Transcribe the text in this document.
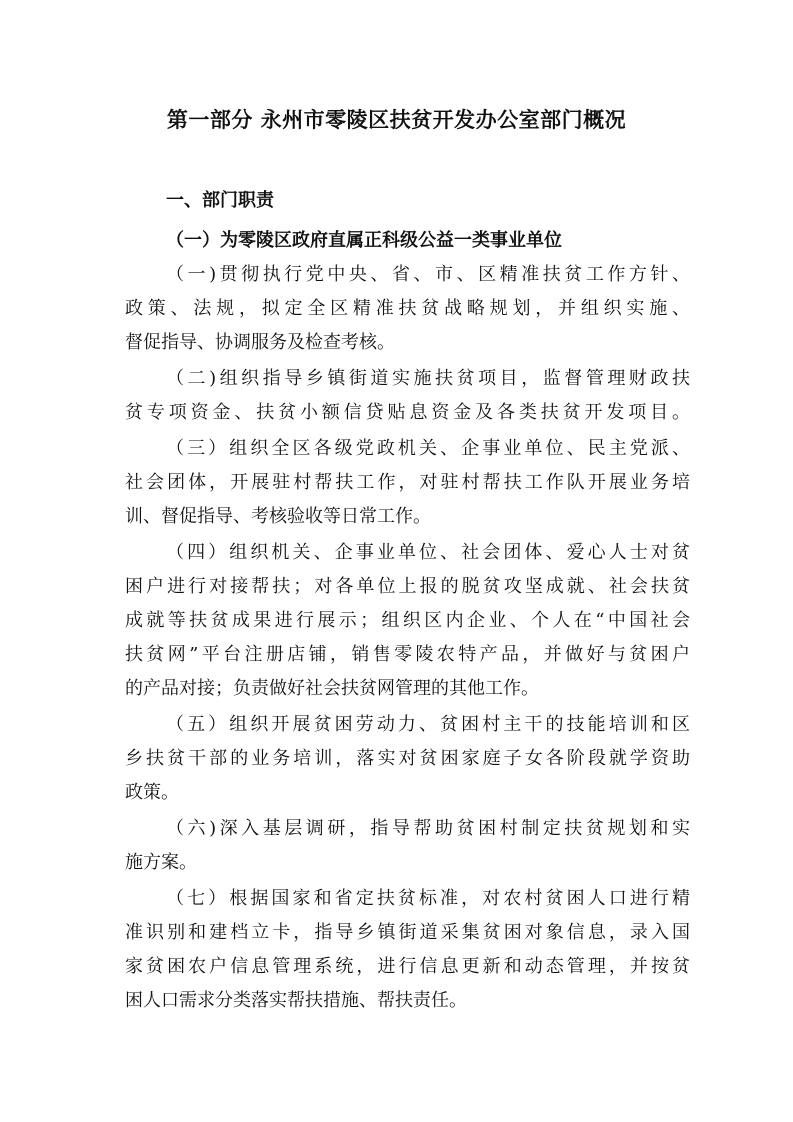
第一部分 永州市零陵区扶贫开发办公室部门概况
一、部门职责
（一）为零陵区政府直属正科级公益一类事业单位
（一)贯彻执行党中央、省、市、区精准扶贫工作方针、
政策、法规，拟定全区精准扶贫战略规划，并组织实施、
督促指导、协调服务及检查考核。
（二)组织指导乡镇街道实施扶贫项目，监督管理财政扶
贫专项资金、扶贫小额信贷贴息资金及各类扶贫开发项目。
（三）组织全区各级党政机关、企事业单位、民主党派、
社会团体，开展驻村帮扶工作，对驻村帮扶工作队开展业务培
训、督促指导、考核验收等日常工作。
（四）组织机关、企事业单位、社会团体、爱心人士对贫
困户进行对接帮扶；对各单位上报的脱贫攻坚成就、社会扶贫
成就等扶贫成果进行展示；组织区内企业、个人在“中国社会
扶贫网”平台注册店铺，销售零陵农特产品，并做好与贫困户
的产品对接；负责做好社会扶贫网管理的其他工作。
（五）组织开展贫困劳动力、贫困村主干的技能培训和区
乡扶贫干部的业务培训，落实对贫困家庭子女各阶段就学资助
政策。
（六)深入基层调研，指导帮助贫困村制定扶贫规划和实
施方案。
（七）根据国家和省定扶贫标准，对农村贫困人口进行精
准识别和建档立卡，指导乡镇街道采集贫困对象信息，录入国
家贫困农户信息管理系统，进行信息更新和动态管理，并按贫
困人口需求分类落实帮扶措施、帮扶责任。
